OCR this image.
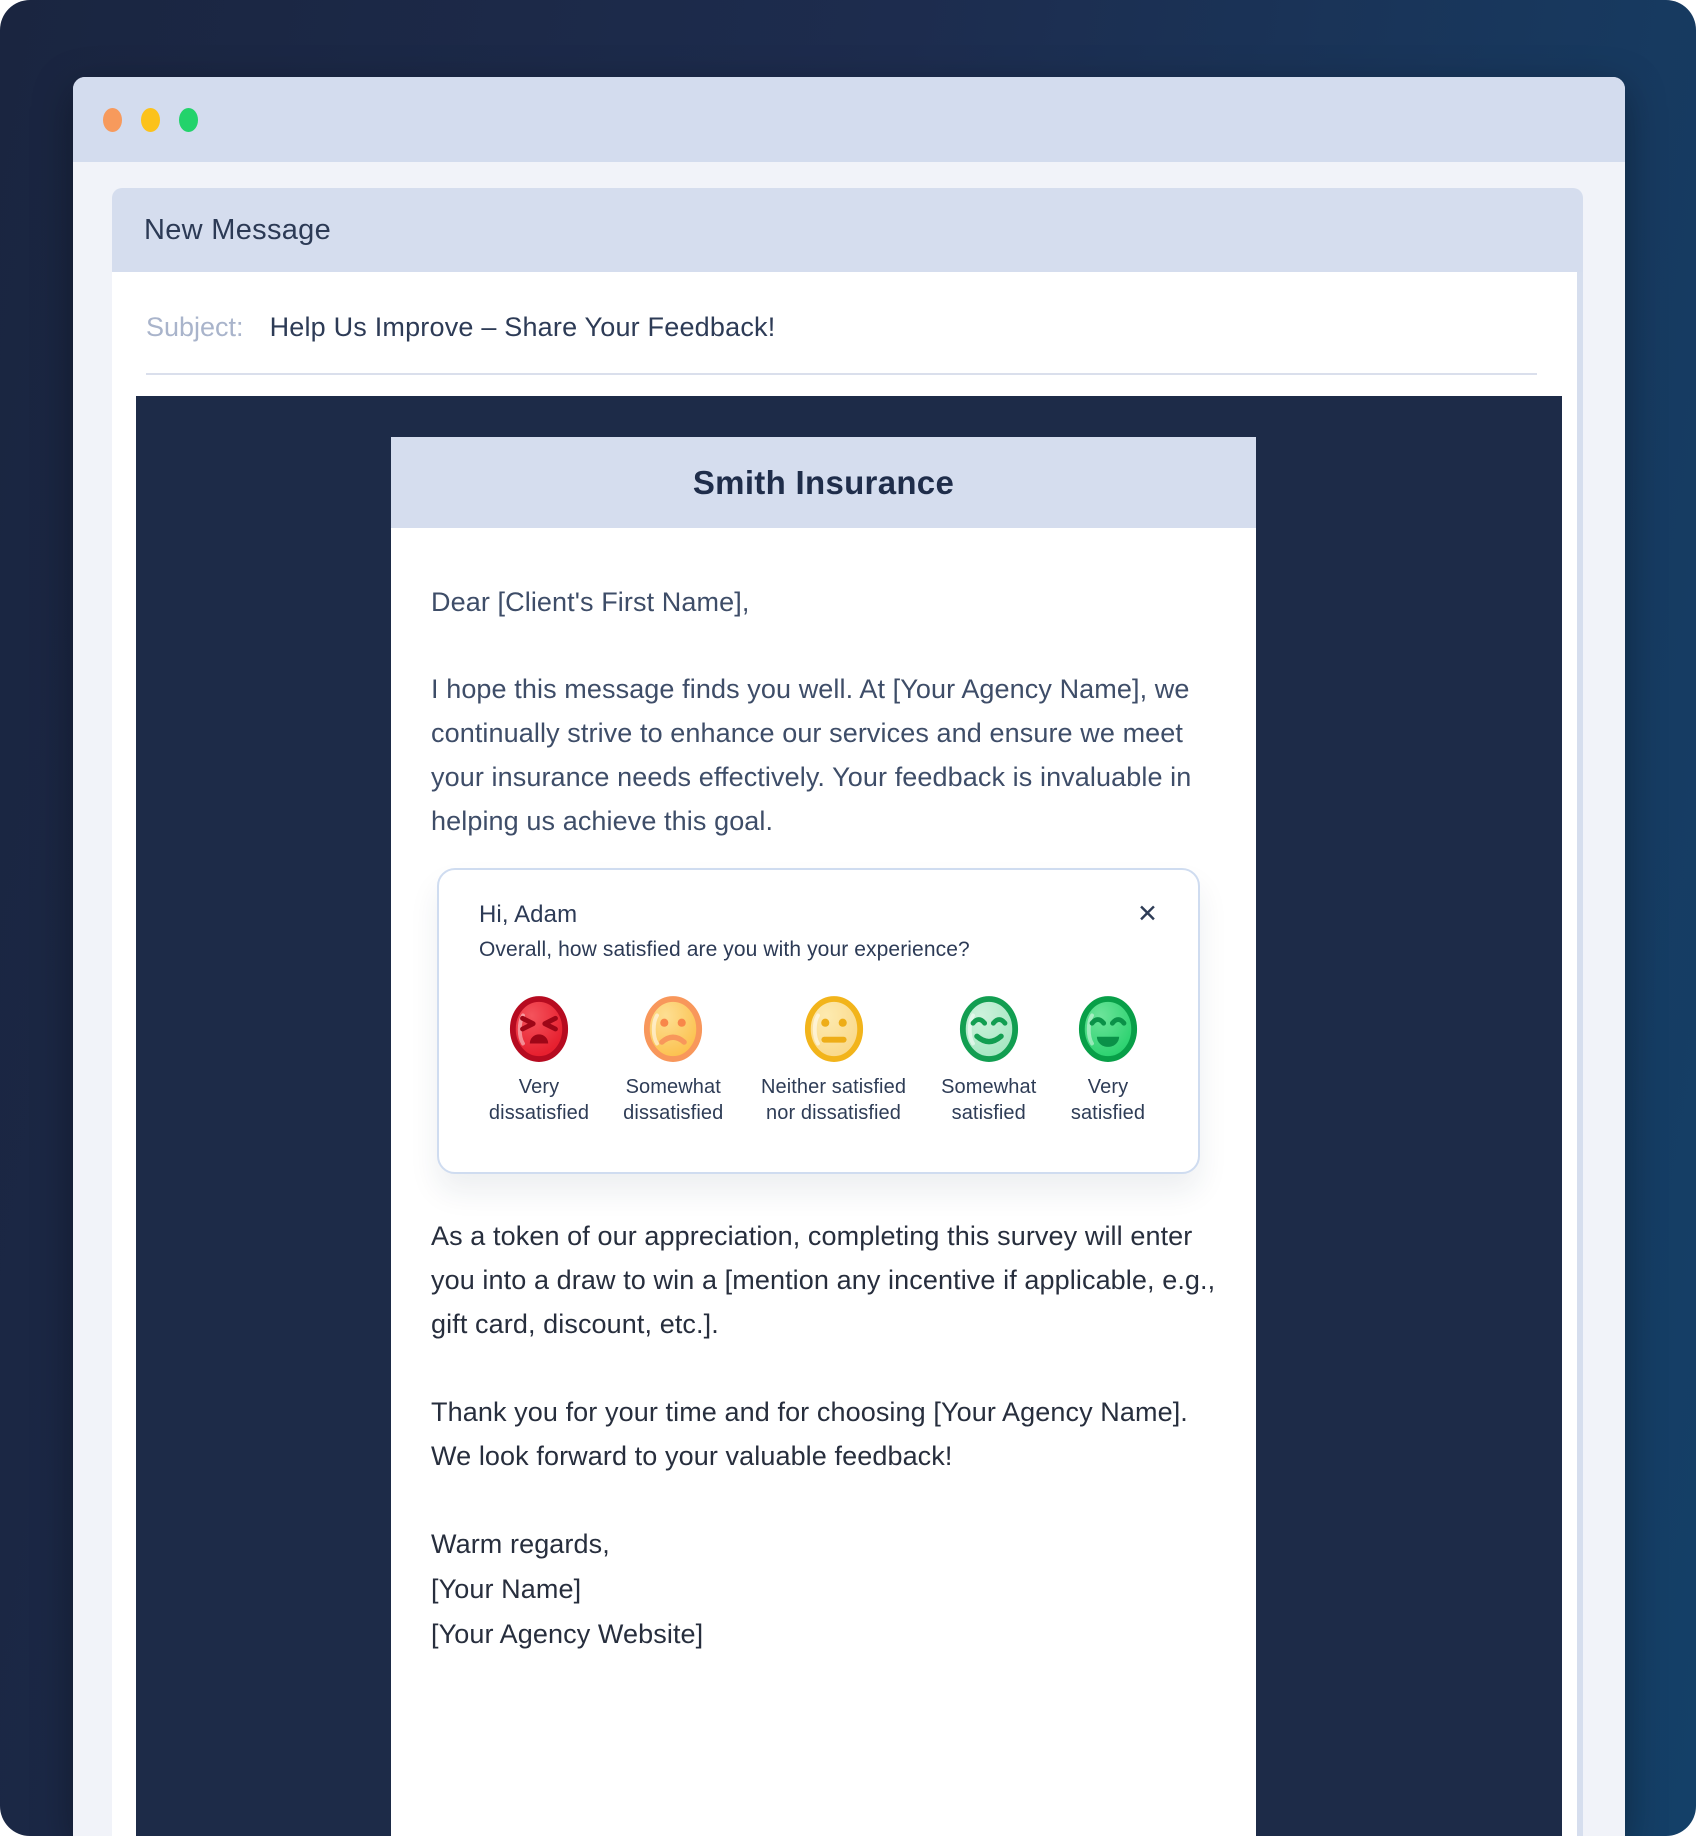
New Message
Subject: Help Us Improve – Share Your Feedback!
Smith Insurance
Dear [Client's First Name],
I hope this message finds you well. At [Your Agency Name], we continually strive to enhance our services and ensure we meet your insurance needs effectively. Your feedback is invaluable in helping us achieve this goal.
Hi, Adam
Overall, how satisfied are you with your experience?
✕
Very dissatisfied
Somewhat dissatisfied
Neither satisfied nor dissatisfied
Somewhat satisfied
Very satisfied
As a token of our appreciation, completing this survey will enter you into a draw to win a [mention any incentive if applicable, e.g., gift card, discount, etc.].
Thank you for your time and for choosing [Your Agency Name]. We look forward to your valuable feedback!
Warm regards,
[Your Name]
[Your Agency Website]
